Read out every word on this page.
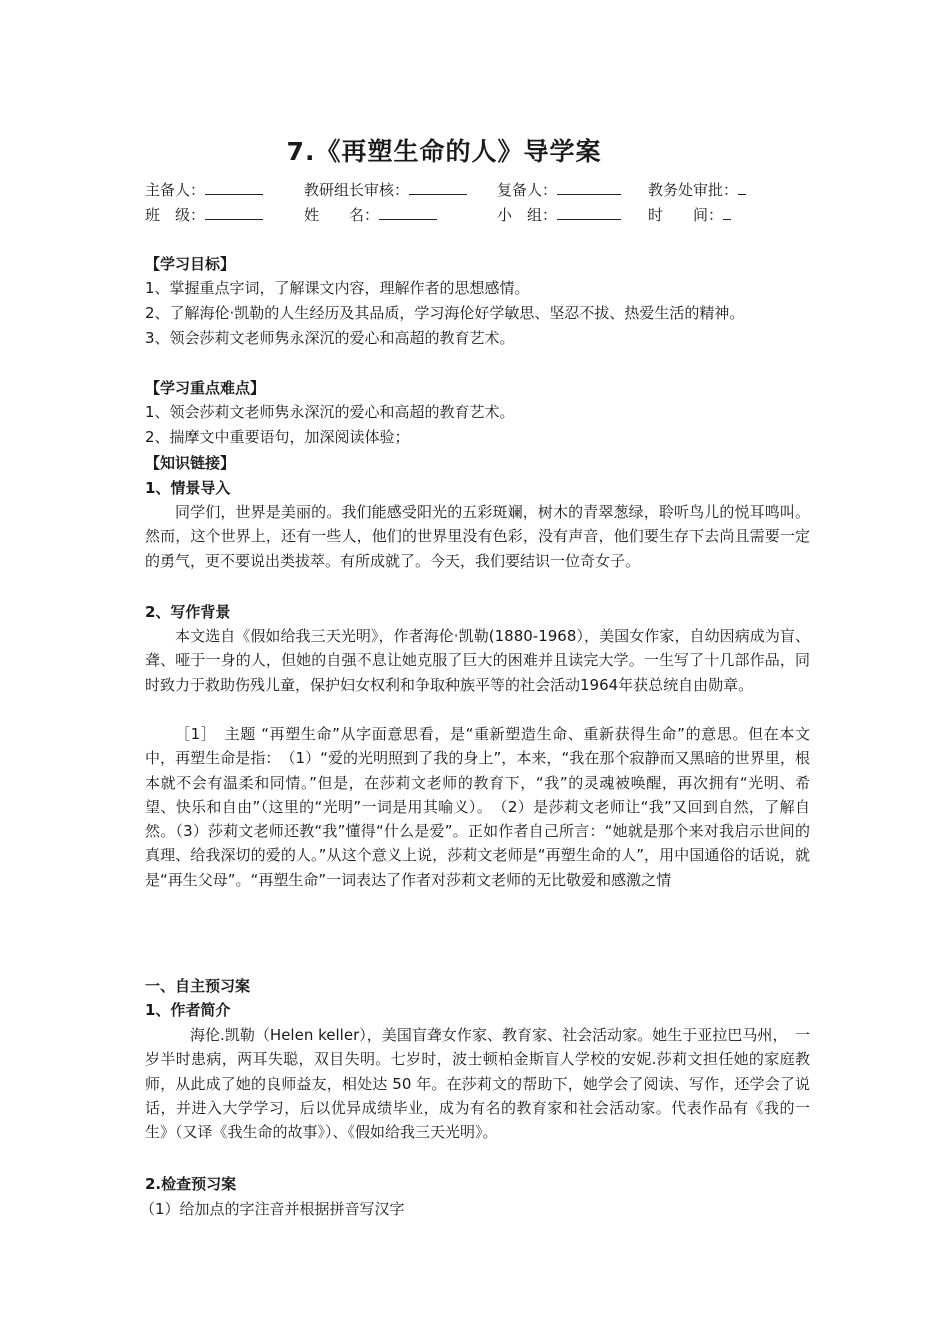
7.《再塑生命的人》导学案
主备人：	教研组长审核：	复备人：	教务处审批：
班　级：	姓　　名：	小　组：	时　　间：
【学习目标】
1、掌握重点字词，了解课文内容，理解作者的思想感情。
2、了解海伦·凯勒的人生经历及其品质，学习海伦好学敏思、坚忍不拔、热爱生活的精神。
3、领会莎莉文老师隽永深沉的爱心和高超的教育艺术。
【学习重点难点】
1、领会莎莉文老师隽永深沉的爱心和高超的教育艺术。
2、揣摩文中重要语句，加深阅读体验；
【知识链接】
1、情景导入

同学们，世界是美丽的。我们能感受阳光的五彩斑斓，树木的青翠葱绿，聆听鸟儿的悦耳鸣叫。然而，这个世界上，还有一些人，他们的世界里没有色彩，没有声音，他们要生存下去尚且需要一定的勇气，更不要说出类拔萃。有所成就了。今天，我们要结识一位奇女子。

2、写作背景

本文选自《假如给我三天光明》，作者海伦·凯勒(1880-1968），美国女作家，自幼因病成为盲、聋、哑于一身的人，但她的自强不息让她克服了巨大的困难并且读完大学。一生写了十几部作品，同时致力于救助伤残儿童，保护妇女权利和争取种族平等的社会活动1964年获总统自由勋章。

［1］　主题 “再塑生命”从字面意思看，是“重新塑造生命、重新获得生命”的意思。但在本文中，再塑生命是指：　（1）“爱的光明照到了我的身上”，本来，“我在那个寂静而又黑暗的世界里，根本就不会有温柔和同情。”但是，在莎莉文老师的教育下，“我”的灵魂被唤醒，再次拥有“光明、希望、快乐和自由”（这里的“光明”一词是用其喻义）。　（2）是莎莉文老师让“我”又回到自然，了解自然。（3）莎莉文老师还教“我”懂得“什么是爱”。正如作者自己所言：“她就是那个来对我启示世间的真理、给我深切的爱的人。”从这个意义上说，莎莉文老师是“再塑生命的人”，用中国通俗的话说，就是“再生父母”。“再塑生命”一词表达了作者对莎莉文老师的无比敬爱和感激之情

一、自主预习案
1、作者简介

海伦.凯勒（Helen keller），美国盲聋女作家、教育家、社会活动家。她生于亚拉巴马州，　一岁半时患病，两耳失聪，双目失明。七岁时，波士顿柏金斯盲人学校的安妮.莎莉文担任她的家庭教师，从此成了她的良师益友，相处达 50 年。在莎莉文的帮助下，她学会了阅读、写作，还学会了说话，并进入大学学习，后以优异成绩毕业，成为有名的教育家和社会活动家。代表作品有《我的一生》（又译《我生命的故事》）、《假如给我三天光明》。

2.检查预习案
（1）给加点的字注音并根据拼音写汉字
